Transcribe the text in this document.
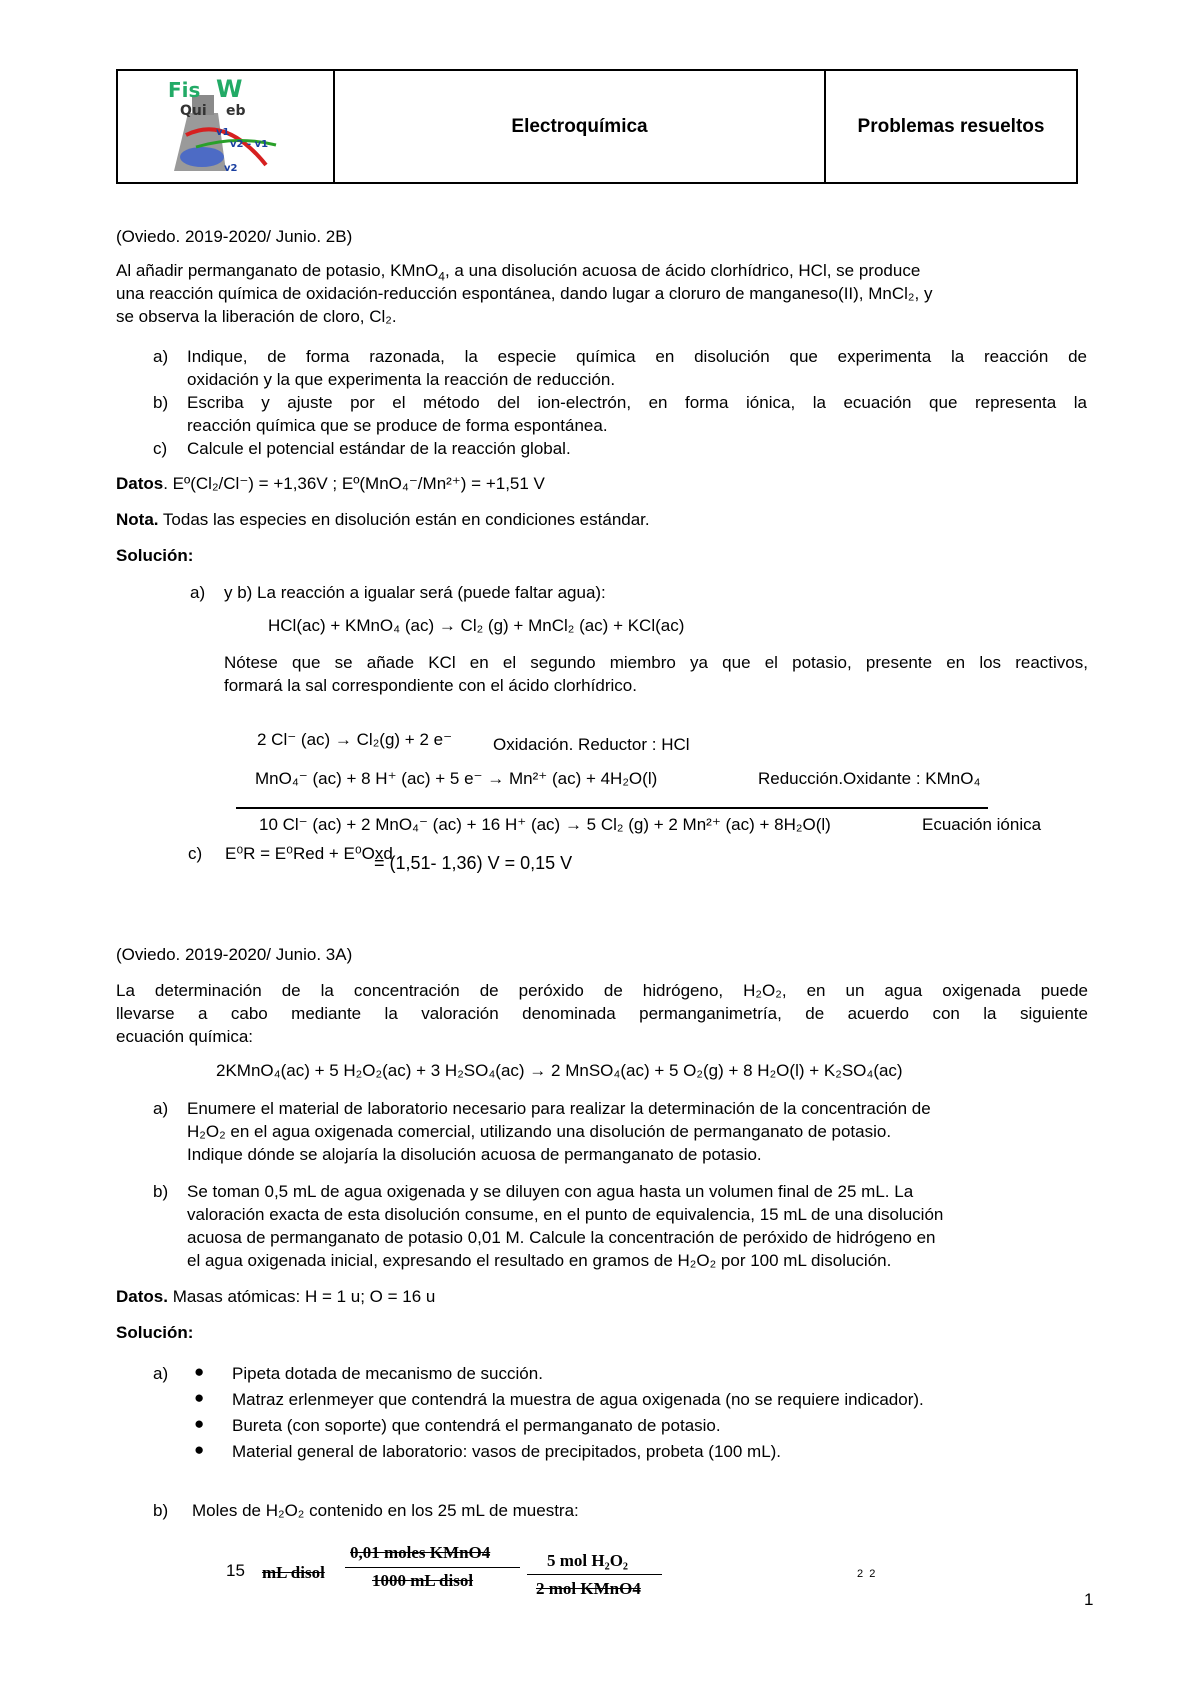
Fis W
Qui eb
v1
v2 - v1
v2
Electroquímica	Problemas resueltos
(Oviedo. 2019-2020/ Junio. 2B)
Al añadir permanganato de potasio, KMnO$_4$, a una disolución acuosa de ácido clorhídrico, HCl, se produce
una reacción química de oxidación-reducción espontánea, dando lugar a cloruro de manganeso(II), MnCl₂, y
se observa la liberación de cloro, Cl₂.
a) Indique, de forma razonada, la especie química en disolución que experimenta la reacción de
oxidación y la que experimenta la reacción de reducción.
b) Escriba y ajuste por el método del ion-electrón, en forma iónica, la ecuación que representa la
reacción química que se produce de forma espontánea.
c) Calcule el potencial estándar de la reacción global.
Datos. Eº(Cl₂/Cl⁻) = +1,36V ; Eº(MnO₄⁻/Mn²⁺) = +1,51 V
Nota. Todas las especies en disolución están en condiciones estándar.
Solución:
a) y b) La reacción a igualar será (puede faltar agua):
HCl(ac) + KMnO₄ (ac) → Cl₂ (g) + MnCl₂ (ac) + KCl(ac)
Nótese que se añade KCl en el segundo miembro ya que el potasio, presente en los reactivos,
formará la sal correspondiente con el ácido clorhídrico.
2 Cl⁻ (ac) → Cl₂(g) + 2 e⁻ Oxidación. Reductor : HCl
MnO₄⁻ (ac) + 8 H⁺ (ac) + 5 e⁻ → Mn²⁺ (ac) + 4H₂O(l)	Reducción.Oxidante : KMnO₄
10 Cl⁻ (ac) + 2 MnO₄⁻ (ac) + 16 H⁺ (ac) → 5 Cl₂ (g) + 2 Mn²⁺ (ac) + 8H₂O(l)	Ecuación iónica
c) E⁰R = E⁰Red + E⁰Oxd
= (1,51- 1,36) V = 0,15 V
(Oviedo. 2019-2020/ Junio. 3A)
La determinación de la concentración de peróxido de hidrógeno, H₂O₂, en un agua oxigenada puede
llevarse a cabo mediante la valoración denominada permanganimetría, de acuerdo con la siguiente
ecuación química:
2KMnO₄(ac) + 5 H₂O₂(ac) + 3 H₂SO₄(ac) → 2 MnSO₄(ac) + 5 O₂(g) + 8 H₂O(l) + K₂SO₄(ac)
a) Enumere el material de laboratorio necesario para realizar la determinación de la concentración de
H₂O₂ en el agua oxigenada comercial, utilizando una disolución de permanganato de potasio.
Indique dónde se alojaría la disolución acuosa de permanganato de potasio.
b) Se toman 0,5 mL de agua oxigenada y se diluyen con agua hasta un volumen final de 25 mL. La
valoración exacta de esta disolución consume, en el punto de equivalencia, 15 mL de una disolución
acuosa de permanganato de potasio 0,01 M. Calcule la concentración de peróxido de hidrógeno en
el agua oxigenada inicial, expresando el resultado en gramos de H₂O₂ por 100 mL disolución.
Datos. Masas atómicas: H = 1 u; O = 16 u
Solución:
a) ● Pipeta dotada de mecanismo de succión.
● Matraz erlenmeyer que contendrá la muestra de agua oxigenada (no se requiere indicador).
● Bureta (con soporte) que contendrá el permanganato de potasio.
● Material general de laboratorio: vasos de precipitados, probeta (100 mL).
b) Moles de H₂O₂ contenido en los 25 mL de muestra:
15 mL disol
0,01 moles KMnO4
1000 mL disol
5 mol H₂O₂
2 mol KMnO4
2  2
1
